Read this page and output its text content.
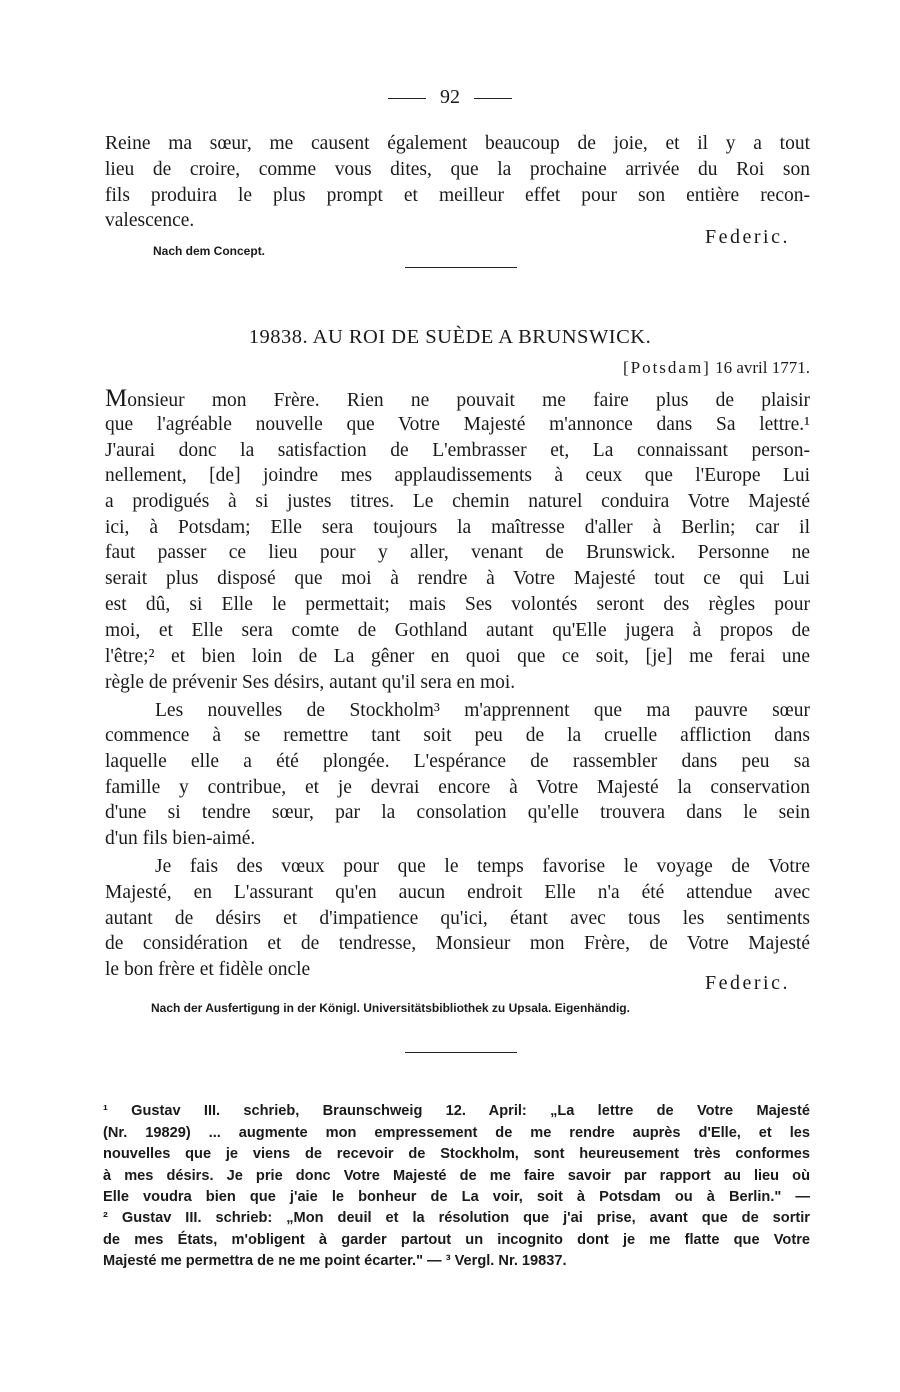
92
Reine ma sœur, me causent également beaucoup de joie, et il y a tout
lieu de croire, comme vous dites, que la prochaine arrivée du Roi son
fils produira le plus prompt et meilleur effet pour son entière recon-
valescence.
Federic.
Nach dem Concept.
19838. AU ROI DE SUÈDE A BRUNSWICK.
[Potsdam] 16 avril 1771.
Monsieur mon Frère. Rien ne pouvait me faire plus de plaisir
que l'agréable nouvelle que Votre Majesté m'annonce dans Sa lettre.¹
J'aurai donc la satisfaction de L'embrasser et, La connaissant person-
nellement, [de] joindre mes applaudissements à ceux que l'Europe Lui
a prodigués à si justes titres. Le chemin naturel conduira Votre Majesté
ici, à Potsdam; Elle sera toujours la maîtresse d'aller à Berlin; car il
faut passer ce lieu pour y aller, venant de Brunswick. Personne ne
serait plus disposé que moi à rendre à Votre Majesté tout ce qui Lui
est dû, si Elle le permettait; mais Ses volontés seront des règles pour
moi, et Elle sera comte de Gothland autant qu'Elle jugera à propos de
l'être;² et bien loin de La gêner en quoi que ce soit, [je] me ferai une
règle de prévenir Ses désirs, autant qu'il sera en moi.
Les nouvelles de Stockholm³ m'apprennent que ma pauvre sœur
commence à se remettre tant soit peu de la cruelle affliction dans
laquelle elle a été plongée. L'espérance de rassembler dans peu sa
famille y contribue, et je devrai encore à Votre Majesté la conservation
d'une si tendre sœur, par la consolation qu'elle trouvera dans le sein
d'un fils bien-aimé.
Je fais des vœux pour que le temps favorise le voyage de Votre
Majesté, en L'assurant qu'en aucun endroit Elle n'a été attendue avec
autant de désirs et d'impatience qu'ici, étant avec tous les sentiments
de considération et de tendresse, Monsieur mon Frère, de Votre Majesté
le bon frère et fidèle oncle
Federic.
Nach der Ausfertigung in der Königl. Universitätsbibliothek zu Upsala. Eigenhändig.
¹ Gustav III. schrieb, Braunschweig 12. April: „La lettre de Votre Majesté
(Nr. 19829) ... augmente mon empressement de me rendre auprès d'Elle, et les
nouvelles que je viens de recevoir de Stockholm, sont heureusement très conformes
à mes désirs. Je prie donc Votre Majesté de me faire savoir par rapport au lieu où
Elle voudra bien que j'aie le bonheur de La voir, soit à Potsdam ou à Berlin." —
² Gustav III. schrieb: „Mon deuil et la résolution que j'ai prise, avant que de sortir
de mes États, m'obligent à garder partout un incognito dont je me flatte que Votre
Majesté me permettra de ne me point écarter." — ³ Vergl. Nr. 19837.
